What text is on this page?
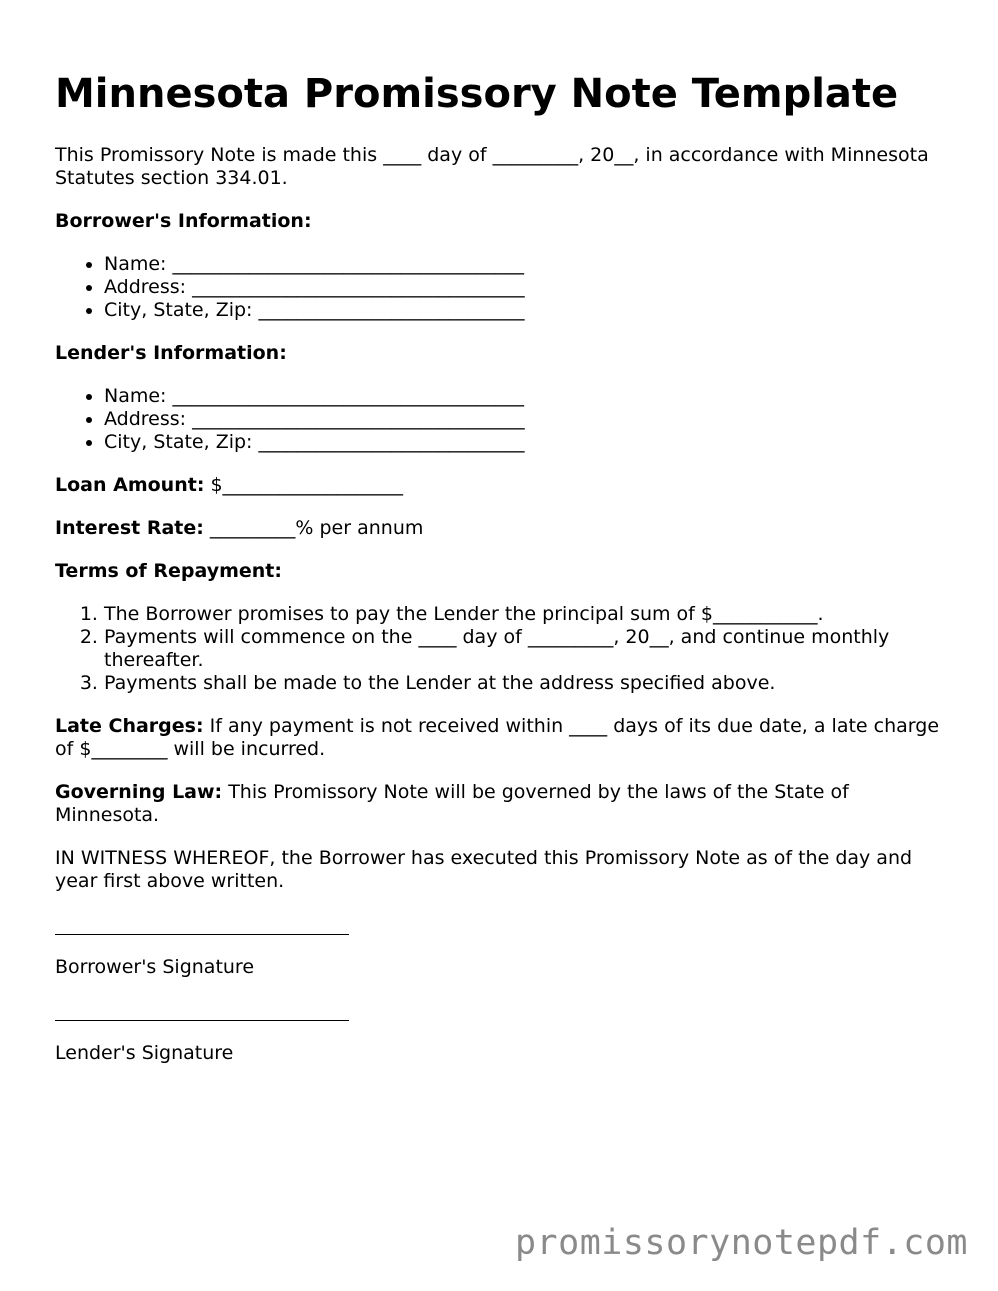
Minnesota Promissory Note Template

This Promissory Note is made this ____ day of _________, 20__, in accordance with Minnesota Statutes section 334.01.

Borrower's Information:

• Name: _____________________________________
• Address: ___________________________________
• City, State, Zip: ____________________________

Lender's Information:

• Name: _____________________________________
• Address: ___________________________________
• City, State, Zip: ____________________________

Loan Amount: $___________________

Interest Rate: _________% per annum

Terms of Repayment:

1. The Borrower promises to pay the Lender the principal sum of $___________.
2. Payments will commence on the ____ day of _________, 20__, and continue monthly thereafter.
3. Payments shall be made to the Lender at the address specified above.

Late Charges: If any payment is not received within ____ days of its due date, a late charge of $________ will be incurred.

Governing Law: This Promissory Note will be governed by the laws of the State of Minnesota.

IN WITNESS WHEREOF, the Borrower has executed this Promissory Note as of the day and year first above written.

Borrower's Signature

Lender's Signature

promissorynotepdf.com
